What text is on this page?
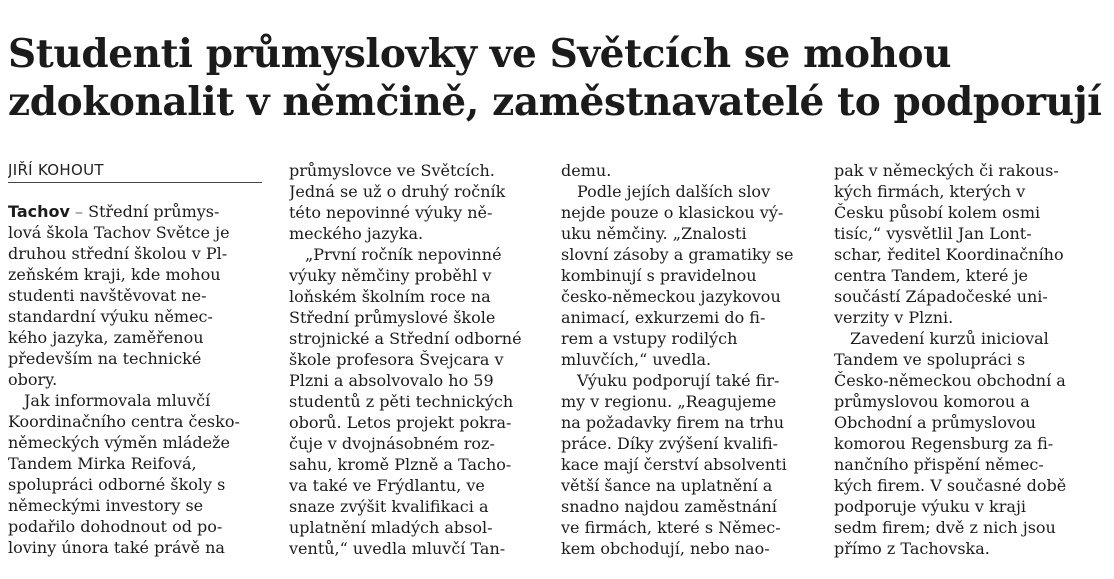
Studenti průmyslovky ve Světcích se mohou
zdokonalit v němčině, zaměstnavatelé to podporují
JIŘÍ KOHOUT
Tachov – Střední průmys-
lová škola Tachov Světce je
druhou střední školou v Pl-
zeňském kraji, kde mohou
studenti navštěvovat ne-
standardní výuku němec-
kého jazyka, zaměřenou
především na technické
obory.
Jak informovala mluvčí
Koordinačního centra česko-
německých výměn mládeže
Tandem Mirka Reifová,
spolupráci odborné školy s
německými investory se
podařilo dohodnout od po-
loviny února také právě na
průmyslovce ve Světcích.
Jedná se už o druhý ročník
této nepovinné výuky ně-
meckého jazyka.
„První ročník nepovinné
výuky němčiny proběhl v
loňském školním roce na
Střední průmyslové škole
strojnické a Střední odborné
škole profesora Švejcara v
Plzni a absolvovalo ho 59
studentů z pěti technických
oborů. Letos projekt pokra-
čuje v dvojnásobném roz-
sahu, kromě Plzně a Tacho-
va také ve Frýdlantu, ve
snaze zvýšit kvalifikaci a
uplatnění mladých absol-
ventů,“ uvedla mluvčí Tan-
demu.
Podle jejích dalších slov
nejde pouze o klasickou vý-
uku němčiny. „Znalosti
slovní zásoby a gramatiky se
kombinují s pravidelnou
česko-německou jazykovou
animací, exkurzemi do fi-
rem a vstupy rodilých
mluvčích,“ uvedla.
Výuku podporují také fir-
my v regionu. „Reagujeme
na požadavky firem na trhu
práce. Díky zvýšení kvalifi-
kace mají čerství absolventi
větší šance na uplatnění a
snadno najdou zaměstnání
ve firmách, které s Němec-
kem obchodují, nebo nao-
pak v německých či rakous-
kých firmách, kterých v
Česku působí kolem osmi
tisíc,“ vysvětlil Jan Lont-
schar, ředitel Koordinačního
centra Tandem, které je
součástí Západočeské uni-
verzity v Plzni.
Zavedení kurzů inicioval
Tandem ve spolupráci s
Česko-německou obchodní a
průmyslovou komorou a
Obchodní a průmyslovou
komorou Regensburg za fi-
nančního přispění němec-
kých firem. V současné době
podporuje výuku v kraji
sedm firem; dvě z nich jsou
přímo z Tachovska.
